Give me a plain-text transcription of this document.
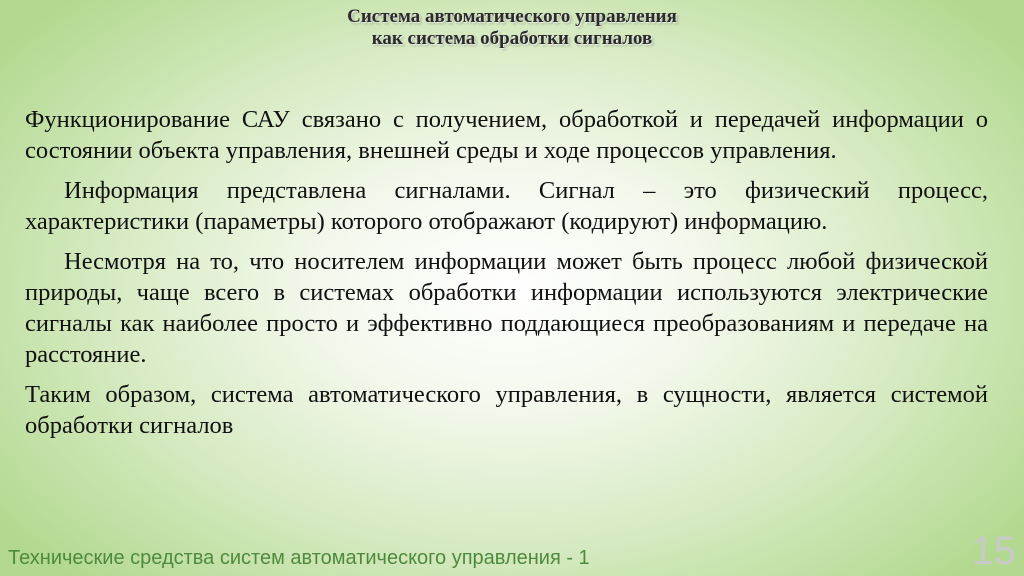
Система автоматического управления
как система обработки сигналов

Функционирование САУ связано с получением, обработкой и передачей информации о состоянии объекта управления, внешней среды и ходе процессов управления.

Информация представлена сигналами. Сигнал – это физический процесс, характеристики (параметры) которого отображают (кодируют) информацию.

Несмотря на то, что носителем информации может быть процесс любой физической природы, чаще всего в системах обработки информации используются электрические сигналы как наиболее просто и эффективно поддающиеся преобразованиям и передаче на расстояние.

Таким образом, система автоматического управления, в сущности, является системой обработки сигналов

Технические средства систем автоматического управления - 1	15
